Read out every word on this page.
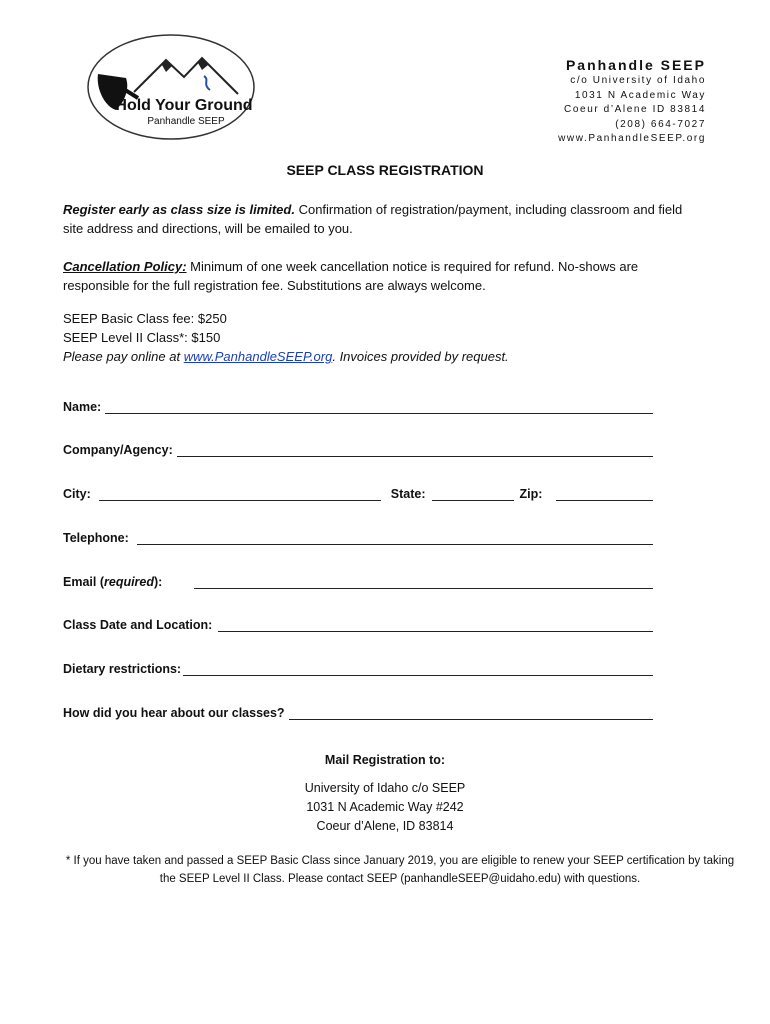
Hold Your Ground
Panhandle SEEP
Panhandle SEEP
c/o University of Idaho
1031 N Academic Way
Coeur d’Alene ID 83814
(208) 664-7027
www.PanhandleSEEP.org
SEEP CLASS REGISTRATION
Register early as class size is limited. Confirmation of registration/payment, including classroom and field site address and directions, will be emailed to you.
Cancellation Policy: Minimum of one week cancellation notice is required for refund. No-shows are responsible for the full registration fee. Substitutions are always welcome.
SEEP Basic Class fee: $250
SEEP Level II Class*: $150
Please pay online at www.PanhandleSEEP.org. Invoices provided by request.
Name:
Company/Agency:
City:	State:	Zip:
Telephone:
Email (required):
Class Date and Location:
Dietary restrictions:
How did you hear about our classes?
Mail Registration to:
University of Idaho c/o SEEP
1031 N Academic Way #242
Coeur d’Alene, ID 83814
* If you have taken and passed a SEEP Basic Class since January 2019, you are eligible to renew your SEEP certification by taking the SEEP Level II Class. Please contact SEEP (panhandleSEEP@uidaho.edu) with questions.
